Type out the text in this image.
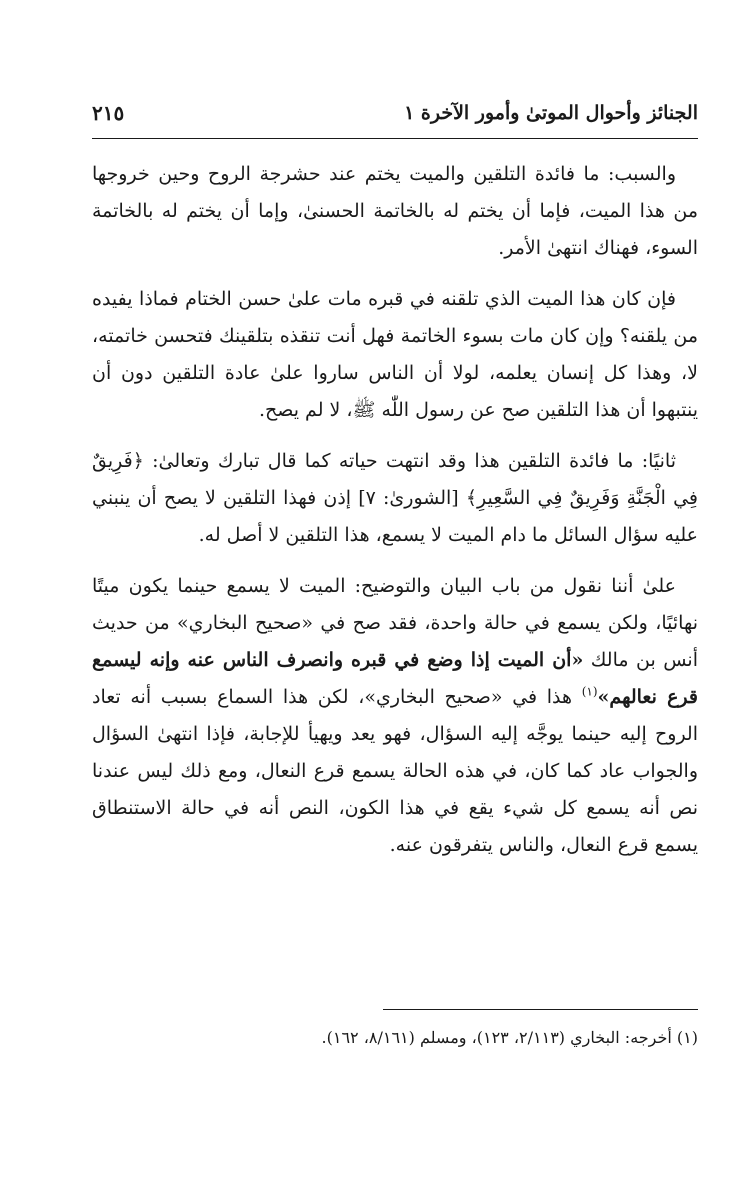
الجنائز وأحوال الموتىٰ وأمور الآخرة ١
٢١٥

والسبب: ما فائدة التلقين والميت يختم عند حشرجة الروح وحين خروجها من هذا الميت، فإما أن يختم له بالخاتمة الحسنىٰ، وإما أن يختم له بالخاتمة السوء، فهناك انتهىٰ الأمر.

فإن كان هذا الميت الذي تلقنه في قبره مات علىٰ حسن الختام فماذا يفيده من يلقنه؟ وإن كان مات بسوء الخاتمة فهل أنت تنقذه بتلقينك فتحسن خاتمته، لا، وهذا كل إنسان يعلمه، لولا أن الناس ساروا علىٰ عادة التلقين دون أن ينتبهوا أن هذا التلقين صح عن رسول اللّٰه ﷺ، لا لم يصح.

ثانيًا: ما فائدة التلقين هذا وقد انتهت حياته كما قال تبارك وتعالىٰ: ﴿فَرِيقٌ فِي الْجَنَّةِ وَفَرِيقٌ فِي السَّعِيرِ﴾ [الشورىٰ: ٧] إذن فهذا التلقين لا يصح أن ينبني عليه سؤال السائل ما دام الميت لا يسمع، هذا التلقين لا أصل له.

علىٰ أننا نقول من باب البيان والتوضيح: الميت لا يسمع حينما يكون ميتًا نهائيًا، ولكن يسمع في حالة واحدة، فقد صح في «صحيح البخاري» من حديث أنس بن مالك «أن الميت إذا وضع في قبره وانصرف الناس عنه وإنه ليسمع قرع نعالهم»$^{(١)}$ هذا في «صحيح البخاري»، لكن هذا السماع بسبب أنه تعاد الروح إليه حينما يوجَّه إليه السؤال، فهو يعد ويهيأ للإجابة، فإذا انتهىٰ السؤال والجواب عاد كما كان، في هذه الحالة يسمع قرع النعال، ومع ذلك ليس عندنا نص أنه يسمع كل شيء يقع في هذا الكون، النص أنه في حالة الاستنطاق يسمع قرع النعال، والناس يتفرقون عنه.

(١) أخرجه: البخاري (٢/١١٣، ١٢٣)، ومسلم (٨/١٦١، ١٦٢).
